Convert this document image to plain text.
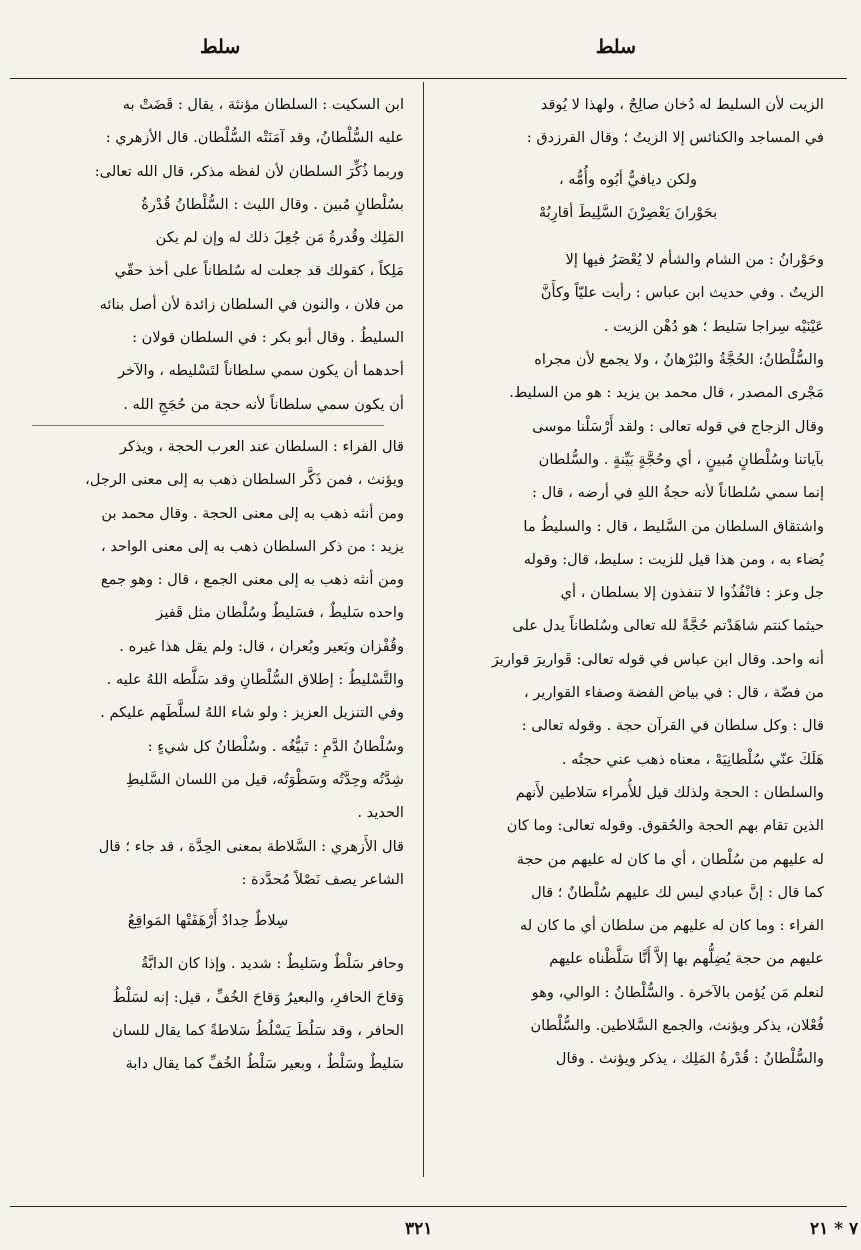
سلط
سلط

الزيت لأن السليط له دُخان صالِحٌ ، ولهذا لا يُوقد

في المساجد والكنائس إلا الزيتُ ؛ وقال الفرزدق :

ولكن ديافيٌّ أبُوه وأُمُّه ،

بحَوْرانَ يَعْصِرْنَ السَّلِيطَ أقارِبُهْ

وحَوْرانُ : من الشام والشأم لا يُعْصَرُ فيها إلا

الزيتُ . وفي حديث ابن عباس : رأيت عليّاً وكأَنَّ

عَيْنَيْه سِراجا سَليط ؛ هو دُهْن الزيت .

والسُّلْطانُ: الحُجَّةُ والبُرْهانُ ، ولا يجمع لأن مجراه

مَجْرى المصدر ، قال محمد بن يزيد : هو من السليط.

وقال الزجاج في قوله تعالى : ولقد أَرْسَلْنا موسى

بآياتنا وسُلْطانٍ مُبينٍ ، أي وحُجَّةٍ بَيِّنةٍ . والسُّلطان

إنما سمي سُلطاناً لأنه حجةُ اللهِ في أرضه ، قال :

واشتقاق السلطان من السَّليط ، قال : والسليطُ ما

يُضاء به ، ومن هذا قيل للزيت : سليط، قال: وقوله

جل وعز : فانْفُذُوا لا تنفذون إلا بسلطان ، أي

حيثما كنتم شاهَدْتم حُجَّةً لله تعالى وسُلطاناً يدل على

أنه واحد. وقال ابن عباس في قوله تعالى: قَواريرَ قواريرَ

من فضّة ، قال : في بياض الفضة وصفاء القوارير ،

قال : وكل سلطان في القرآن حجة . وقوله تعالى :

هَلَكَ عنّي سُلْطانِيَهْ ، معناه ذهب عني حجتُه .

والسلطان : الحجة ولذلك قيل للأُمراء سَلاطين لأَنهم

الذين تقام بهم الحجة والحُقوق. وقوله تعالى: وما كان

له عليهم من سُلْطان ، أي ما كان له عليهم من حجة

كما قال : إنَّ عبادي ليس لك عليهم سُلْطانٌ ؛ قال

الفراء : وما كان له عليهم من سلطان أي ما كان له

عليهم من حجة يُضِلُّهم بها إلاَّ أَنَّا سَلَّطْناه عليهم

لنعلم مَن يُؤمن بالآخرة . والسُّلْطانُ : الوالي، وهو

فُعْلان، يذكر ويؤنث، والجمع السَّلاطين. والسُّلْطان

والسُّلْطانُ : قُدْرةُ المَلِك ، يذكر ويؤنث . وقال

ابن السكيت : السلطان مؤنثة ، يقال : قَضَتْ به

عليه السُّلْطانُ، وقد آمَنَتْه السُّلْطان. قال الأزهري :

وربما ذُكِّرَ السلطان لأن لفظه مذكر، قال الله تعالى:

بسُلْطانٍ مُبين . وقال الليث : السُّلْطانُ قُدْرةُ

المَلِك وقُدرةُ مَن جُعِلَ ذلك له وإن لم يكن

مَلِكاً ، كقولك قد جعلت له سُلطاناً على أخذ حقّي

من فلان ، والنون في السلطان زائدة لأن أصل بنائه

السليطُ . وقال أبو بكر : في السلطان قولان :

أحدهما أن يكون سمي سلطاناً لتَسْليطه ، والآخر

أن يكون سمي سلطاناً لأنه حجة من حُجَجِ الله .

قال الفراء : السلطان عند العرب الحجة ، ويذكر

ويؤنث ، فمن ذَكَّر السلطان ذهب به إلى معنى الرجل،

ومن أنثه ذهب به إلى معنى الحجة . وقال محمد بن

يزيد : من ذكر السلطان ذهب به إلى معنى الواحد ،

ومن أنثه ذهب به إلى معنى الجمع ، قال : وهو جمع

واحده سَليطٌ ، فسَليطٌ وسُلْطان مثل قَفيز

وقُفْزان وبَعير وبُعران ، قال: ولم يقل هذا غيره .

والتَّسْليطُ : إطلاق السُّلْطانِ وقد سَلَّطه اللهُ عليه .

وفي التنزيل العزيز : ولو شاء اللهُ لسلَّطَهم عليكم .

وسُلْطانُ الدَّمِ : تَبيُّغُه . وسُلْطانُ كل شيءٍ :

شِدَّتُه وحِدَّتُه وسَطْوَتُه، قيل من اللسان السَّليطِ

الحديد .

قال الأَزهري : السَّلاطة بمعنى الحِدَّة ، قد جاء ؛ قال

الشاعر يصف نَصْلاً مُحدَّدة :

سِلاطٌ حِدادٌ أَرْهَفَتْها المَواقِعُ

وحافر سَلْطٌ وسَليطٌ : شديد . وإذا كان الدابَّةُ

وَقاحَ الحافرِ، والبعيرُ وَقاحَ الخُفِّ ، قيل: إنه لسَلْطُ

الحافر ، وقد سَلُطَ يَسْلُطُ سَلاطةً كما يقال للسان

سَليطٌ وسَلْطٌ ، وبعير سَلْطُ الخُفِّ كما يقال دابة

٣٢١	٧ * ٢١
